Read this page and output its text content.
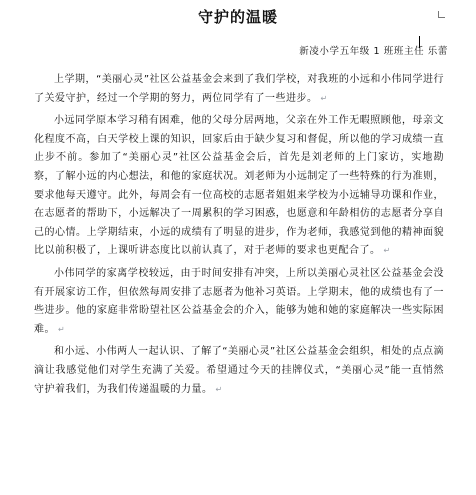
守护的温暖
新凌小学五年级 1 班班主任 乐蕾

上学期，“美丽心灵”社区公益基金会来到了我们学校，对我班的小远和小伟同学进行了关爱守护，经过一个学期的努力，两位同学有了一些进步。 ↵

小远同学原本学习稍有困难，他的父母分居两地，父亲在外工作无暇照顾他，母亲文化程度不高，白天学校上课的知识，回家后由于缺少复习和督促，所以他的学习成绩一直止步不前。参加了“美丽心灵”社区公益基金会后，首先是刘老师的上门家访，实地勘察，了解小远的内心想法，和他的家庭状况。刘老师为小远制定了一些特殊的行为准则，要求他每天遵守。此外，每周会有一位高校的志愿者姐姐来学校为小远辅导功课和作业，在志愿者的帮助下，小远解决了一周累积的学习困惑，也愿意和年龄相仿的志愿者分享自己的心情。上学期结束，小远的成绩有了明显的进步，作为老师，我感觉到他的精神面貌比以前积极了，上课听讲态度比以前认真了，对于老师的要求也更配合了。 ↵

小伟同学的家离学校较远，由于时间安排有冲突，上所以美丽心灵社区公益基金会没有开展家访工作，但依然每周安排了志愿者为他补习英语。上学期末，他的成绩也有了一些进步。他的家庭非常盼望社区公益基金会的介入，能够为她和她的家庭解决一些实际困难。 ↵

和小远、小伟两人一起认识、了解了“美丽心灵”社区公益基金会组织，相处的点点滴滴让我感觉他们对学生充满了关爱。希望通过今天的挂牌仪式，“美丽心灵”能一直悄然守护着我们，为我们传递温暖的力量。 ↵
